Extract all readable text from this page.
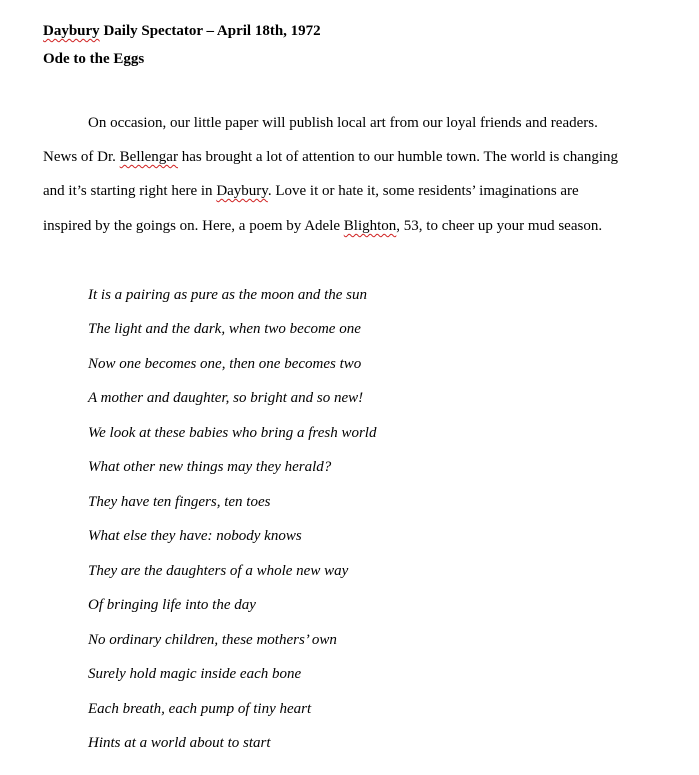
Daybury Daily Spectator – April 18th, 1972
Ode to the Eggs
On occasion, our little paper will publish local art from our loyal friends and readers.
News of Dr. Bellengar has brought a lot of attention to our humble town. The world is changing
and it’s starting right here in Daybury. Love it or hate it, some residents’ imaginations are
inspired by the goings on. Here, a poem by Adele Blighton, 53, to cheer up your mud season.
It is a pairing as pure as the moon and the sun
The light and the dark, when two become one
Now one becomes one, then one becomes two
A mother and daughter, so bright and so new!
We look at these babies who bring a fresh world
What other new things may they herald?
They have ten fingers, ten toes
What else they have: nobody knows
They are the daughters of a whole new way
Of bringing life into the day
No ordinary children, these mothers’ own
Surely hold magic inside each bone
Each breath, each pump of tiny heart
Hints at a world about to start
